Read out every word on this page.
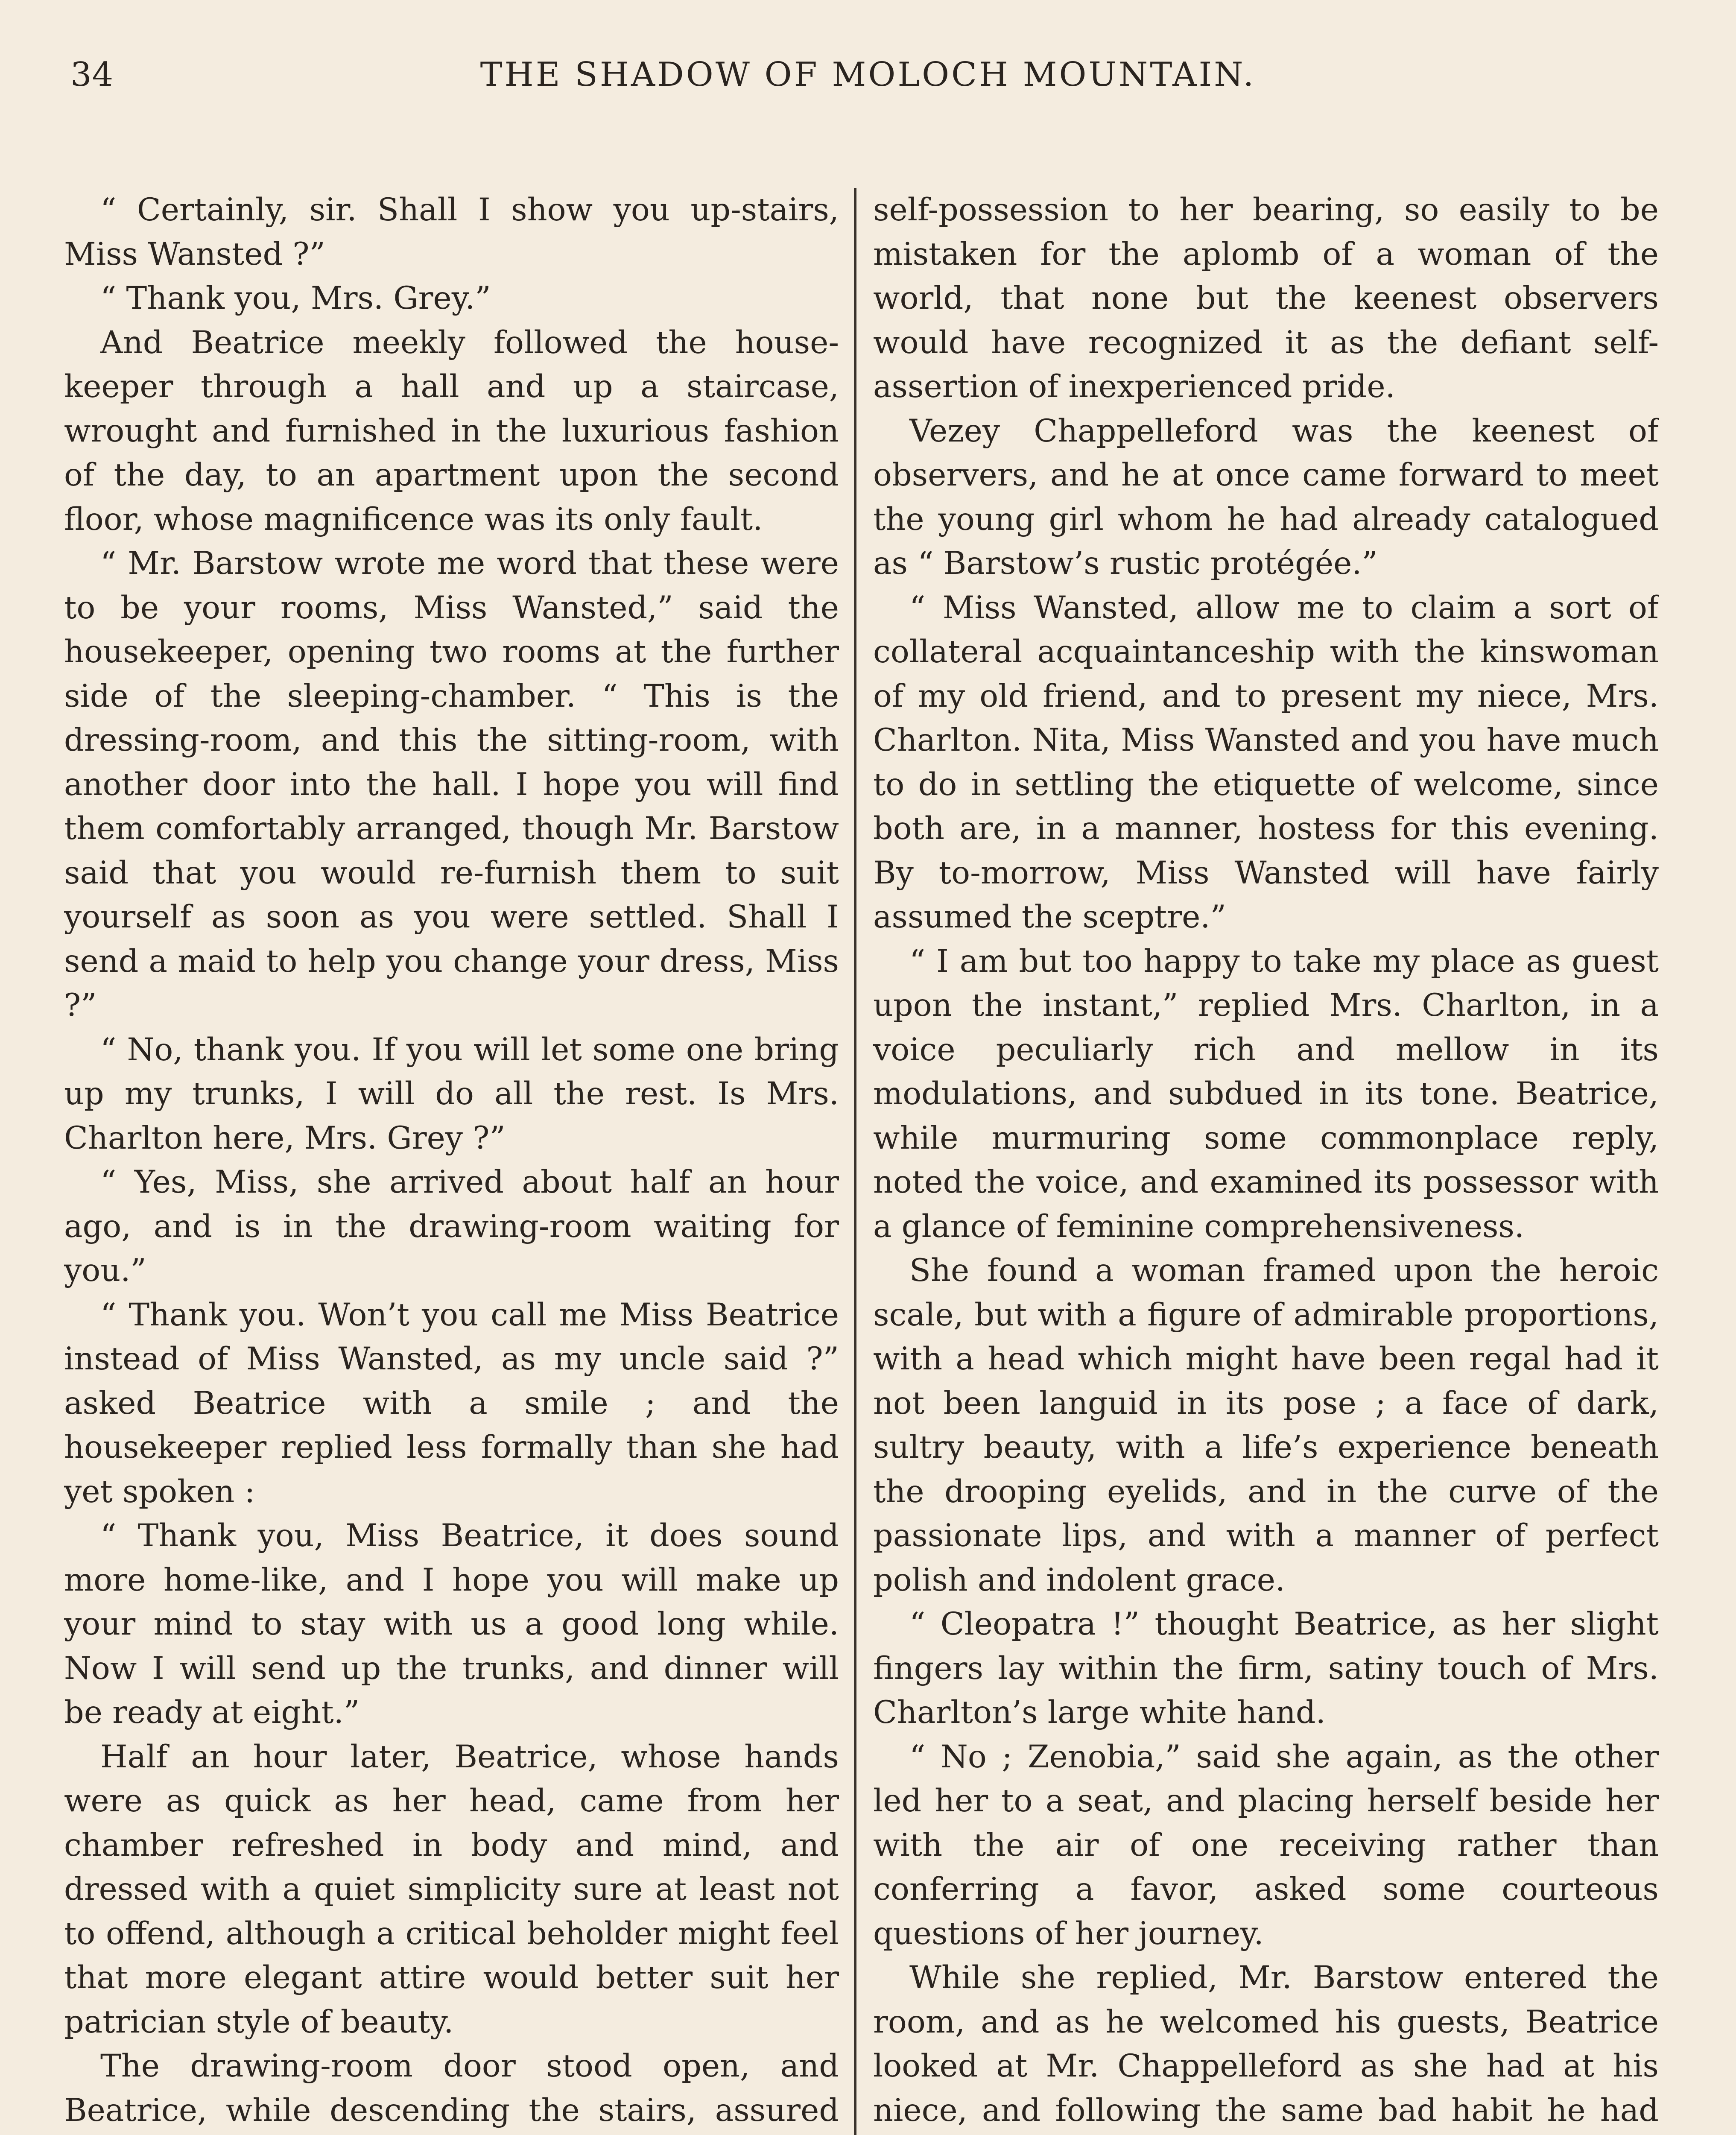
34	THE SHADOW OF MOLOCH MOUNTAIN.

“ Certainly, sir. Shall I show you up-stairs, Miss Wansted ?”

“ Thank you, Mrs. Grey.”

And Beatrice meekly followed the housekeeper through a hall and up a staircase, wrought and furnished in the luxurious fashion of the day, to an apartment upon the second floor, whose magnificence was its only fault.

“ Mr. Barstow wrote me word that these were to be your rooms, Miss Wansted,” said the housekeeper, opening two rooms at the further side of the sleeping-chamber. “ This is the dressing-room, and this the sitting-room, with another door into the hall. I hope you will find them comfortably arranged, though Mr. Barstow said that you would re-furnish them to suit yourself as soon as you were settled. Shall I send a maid to help you change your dress, Miss ?”

“ No, thank you. If you will let some one bring up my trunks, I will do all the rest. Is Mrs. Charlton here, Mrs. Grey ?”

“ Yes, Miss, she arrived about half an hour ago, and is in the drawing-room waiting for you.”

“ Thank you. Won’t you call me Miss Beatrice instead of Miss Wansted, as my uncle said ?” asked Beatrice with a smile ; and the housekeeper replied less formally than she had yet spoken :

“ Thank you, Miss Beatrice, it does sound more home-like, and I hope you will make up your mind to stay with us a good long while. Now I will send up the trunks, and dinner will be ready at eight.”

Half an hour later, Beatrice, whose hands were as quick as her head, came from her chamber refreshed in body and mind, and dressed with a quiet simplicity sure at least not to offend, although a critical beholder might feel that more elegant attire would better suit her patrician style of beauty.

The drawing-room door stood open, and Beatrice, while descending the stairs, assured

self-possession to her bearing, so easily to be mistaken for the aplomb of a woman of the world, that none but the keenest observers would have recognized it as the defiant self-assertion of inexperienced pride.

Vezey Chappelleford was the keenest of observers, and he at once came forward to meet the young girl whom he had already catalogued as “ Barstow’s rustic protégée.”

“ Miss Wansted, allow me to claim a sort of collateral acquaintanceship with the kinswoman of my old friend, and to present my niece, Mrs. Charlton. Nita, Miss Wansted and you have much to do in settling the etiquette of welcome, since both are, in a manner, hostess for this evening. By to-morrow, Miss Wansted will have fairly assumed the sceptre.”

“ I am but too happy to take my place as guest upon the instant,” replied Mrs. Charlton, in a voice peculiarly rich and mellow in its modulations, and subdued in its tone. Beatrice, while murmuring some commonplace reply, noted the voice, and examined its possessor with a glance of feminine comprehensiveness.

She found a woman framed upon the heroic scale, but with a figure of admirable proportions, with a head which might have been regal had it not been languid in its pose ; a face of dark, sultry beauty, with a life’s experience beneath the drooping eyelids, and in the curve of the passionate lips, and with a manner of perfect polish and indolent grace.

“ Cleopatra !” thought Beatrice, as her slight fingers lay within the firm, satiny touch of Mrs. Charlton’s large white hand.

“ No ; Zenobia,” said she again, as the other led her to a seat, and placing herself beside her with the air of one receiving rather than conferring a favor, asked some courteous questions of her journey.

While she replied, Mr. Barstow entered the room, and as he welcomed his guests, Beatrice looked at Mr. Chappelleford as she had at his niece, and following the same bad habit he had
